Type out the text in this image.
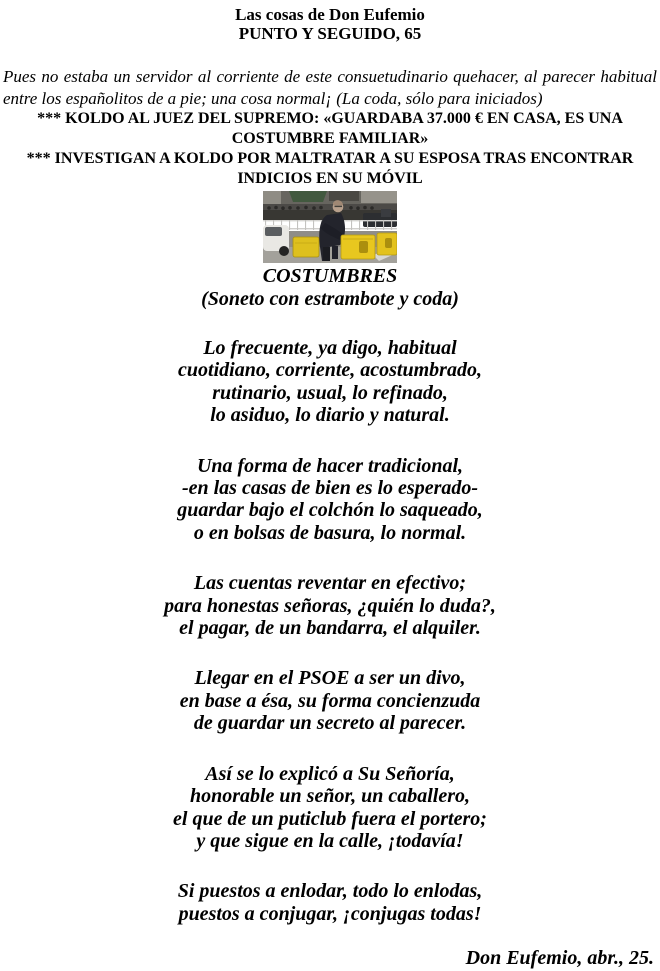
Las cosas de Don Eufemio
PUNTO Y SEGUIDO, 65
Pues no estaba un servidor al corriente de este consuetudinario quehacer, al parecer habitual entre los españolitos de a pie; una cosa normal¡ (La coda, sólo para iniciados)
*** KOLDO AL JUEZ DEL SUPREMO: «GUARDABA 37.000 € EN CASA, ES UNA COSTUMBRE FAMILIAR»
*** INVESTIGAN A KOLDO POR MALTRATAR A SU ESPOSA TRAS ENCONTRAR INDICIOS EN SU MÓVIL
COSTUMBRES
(Soneto con estrambote y coda)
Lo frecuente, ya digo, habitual
cuotidiano, corriente, acostumbrado,
rutinario, usual, lo refinado,
lo asiduo, lo diario y natural.
Una forma de hacer tradicional,
-en las casas de bien es lo esperado-
guardar bajo el colchón lo saqueado,
o en bolsas de basura, lo normal.
Las cuentas reventar en efectivo;
para honestas señoras, ¿quién lo duda?,
el pagar, de un bandarra, el alquiler.
Llegar en el PSOE a ser un divo,
en base a ésa, su forma concienzuda
de guardar un secreto al parecer.
Así se lo explicó a Su Señoría,
honorable un señor, un caballero,
el que de un puticlub fuera el portero;
y que sigue en la calle, ¡todavía!
Si puestos a enlodar, todo lo enlodas,
puestos a conjugar, ¡conjugas todas!
Don Eufemio, abr., 25.
